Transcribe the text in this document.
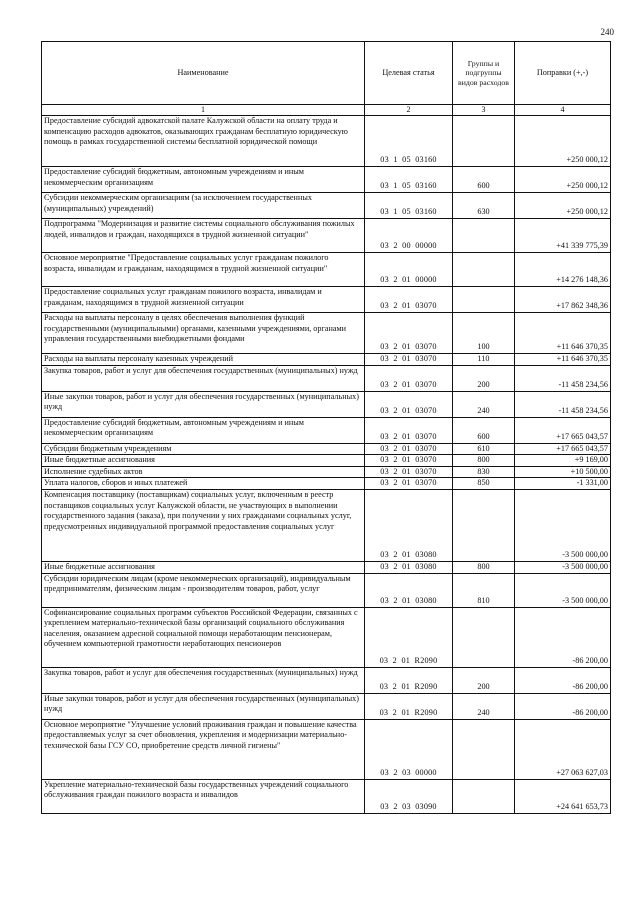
240
Наименование	Целевая статья	Группы и подгруппы видов расходов	Поправки (+,-)
1	2	3	4
Предоставление субсидий адвокатской палате Калужской области на оплату труда и компенсацию расходов адвокатов, оказывающих гражданам бесплатную юридическую помощь в рамках государственной системы бесплатной юридической помощи	03  1  05  03160		+250 000,12
Предоставление субсидий бюджетным, автономным учреждениям и иным некоммерческим организациям	03  1  05  03160	600	+250 000,12
Субсидии некоммерческим организациям (за исключением государственных (муниципальных) учреждений)	03  1  05  03160	630	+250 000,12
Подпрограмма "Модернизация и развитие системы социального обслуживания пожилых людей, инвалидов и граждан, находящихся в трудной жизненной ситуации"	03  2  00  00000		+41 339 775,39
Основное мероприятие "Предоставление социальных услуг гражданам пожилого возраста, инвалидам и гражданам, находящимся в трудной жизненной ситуации"	03  2  01  00000		+14 276 148,36
Предоставление социальных услуг гражданам пожилого возраста, инвалидам и гражданам, находящимся в трудной жизненной ситуации	03  2  01  03070		+17 862 348,36
Расходы на выплаты персоналу в целях обеспечения выполнения функций государственными (муниципальными) органами, казенными учреждениями, органами управления государственными внебюджетными фондами	03  2  01  03070	100	+11 646 370,35
Расходы на выплаты персоналу казенных учреждений	03  2  01  03070	110	+11 646 370,35
Закупка товаров, работ и услуг для обеспечения государственных (муниципальных) нужд	03  2  01  03070	200	-11 458 234,56
Иные закупки товаров, работ и услуг для обеспечения государственных (муниципальных) нужд	03  2  01  03070	240	-11 458 234,56
Предоставление субсидий бюджетным, автономным учреждениям и иным некоммерческим организациям	03  2  01  03070	600	+17 665 043,57
Субсидии бюджетным учреждениям	03  2  01  03070	610	+17 665 043,57
Иные бюджетные ассигнования	03  2  01  03070	800	+9 169,00
Исполнение судебных актов	03  2  01  03070	830	+10 500,00
Уплата налогов, сборов и иных платежей	03  2  01  03070	850	-1 331,00
Компенсация поставщику (поставщикам) социальных услуг, включенным в реестр поставщиков социальных услуг Калужской области, не участвующих в выполнении государственного задания (заказа), при получении у них гражданами социальных услуг, предусмотренных индивидуальной программой предоставления социальных услуг	03  2  01  03080		-3 500 000,00
Иные бюджетные ассигнования	03  2  01  03080	800	-3 500 000,00
Субсидии юридическим лицам (кроме некоммерческих организаций), индивидуальным предпринимателям, физическим лицам - производителям товаров, работ, услуг	03  2  01  03080	810	-3 500 000,00
Софинансирование социальных программ субъектов Российской Федерации, связанных с укреплением материально-технической базы организаций социального обслуживания населения, оказанием адресной социальной помощи неработающим пенсионерам, обучением компьютерной грамотности неработающих пенсионеров	03  2  01  R2090		-86 200,00
Закупка товаров, работ и услуг для обеспечения государственных (муниципальных) нужд	03  2  01  R2090	200	-86 200,00
Иные закупки товаров, работ и услуг для обеспечения государственных (муниципальных) нужд	03  2  01  R2090	240	-86 200,00
Основное мероприятие "Улучшение условий проживания граждан и повышение качества предоставляемых услуг за счет обновления, укрепления и модернизации материально-технической базы ГСУ СО, приобретение средств личной гигиены"	03  2  03  00000		+27 063 627,03
Укрепление материально-технической базы государственных учреждений социального обслуживания граждан пожилого возраста и инвалидов	03  2  03  03090		+24 641 653,73
